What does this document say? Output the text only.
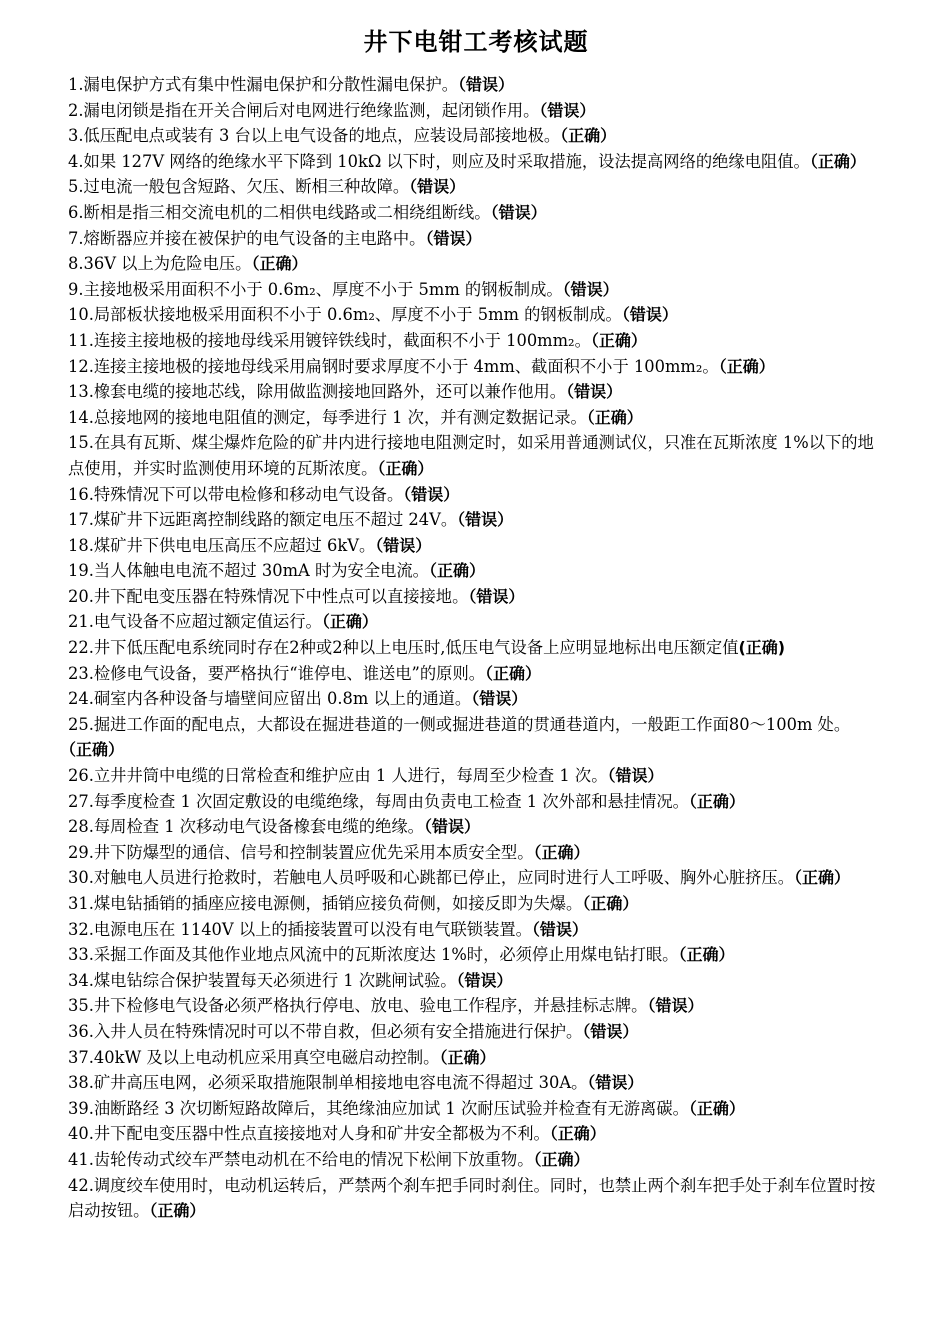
井下电钳工考核试题

1.漏电保护方式有集中性漏电保护和分散性漏电保护。（错误）

2.漏电闭锁是指在开关合闸后对电网进行绝缘监测，起闭锁作用。（错误）

3.低压配电点或装有 3 台以上电气设备的地点，应装设局部接地极。（正确）

4.如果 127V 网络的绝缘水平下降到 10kΩ 以下时，则应及时采取措施，设法提高网络的绝缘电阻值。（正确）

5.过电流一般包含短路、欠压、断相三种故障。（错误）

6.断相是指三相交流电机的二相供电线路或二相绕组断线。（错误）

7.熔断器应并接在被保护的电气设备的主电路中。（错误）

8.36V 以上为危险电压。（正确）

9.主接地极采用面积不小于 0.6m₂、厚度不小于 5mm 的钢板制成。（错误）

10.局部板状接地极采用面积不小于 0.6m₂、厚度不小于 5mm 的钢板制成。（错误）

11.连接主接地极的接地母线采用镀锌铁线时，截面积不小于 100mm₂。（正确）

12.连接主接地极的接地母线采用扁钢时要求厚度不小于 4mm、截面积不小于 100mm₂。（正确）

13.橡套电缆的接地芯线，除用做监测接地回路外，还可以兼作他用。（错误）

14.总接地网的接地电阻值的测定，每季进行 1 次，并有测定数据记录。（正确）

15.在具有瓦斯、煤尘爆炸危险的矿井内进行接地电阻测定时，如采用普通测试仪，只准在瓦斯浓度 1%以下的地点使用，并实时监测使用环境的瓦斯浓度。（正确）

16.特殊情况下可以带电检修和移动电气设备。（错误）

17.煤矿井下远距离控制线路的额定电压不超过 24V。（错误）

18.煤矿井下供电电压高压不应超过 6kV。（错误）

19.当人体触电电流不超过 30mA 时为安全电流。（正确）

20.井下配电变压器在特殊情况下中性点可以直接接地。（错误）

21.电气设备不应超过额定值运行。（正确）

22.井下低压配电系统同时存在2种或2种以上电压时,低压电气设备上应明显地标出电压额定值(正确)

23.检修电气设备，要严格执行“谁停电、谁送电”的原则。（正确）

24.硐室内各种设备与墙壁间应留出 0.8m 以上的通道。（错误）

25.掘进工作面的配电点，大都设在掘进巷道的一侧或掘进巷道的贯通巷道内，一般距工作面80～100m 处。（正确）

26.立井井筒中电缆的日常检查和维护应由 1 人进行，每周至少检查 1 次。（错误）

27.每季度检查 1 次固定敷设的电缆绝缘，每周由负责电工检查 1 次外部和悬挂情况。（正确）

28.每周检查 1 次移动电气设备橡套电缆的绝缘。（错误）

29.井下防爆型的通信、信号和控制装置应优先采用本质安全型。（正确）

30.对触电人员进行抢救时，若触电人员呼吸和心跳都已停止，应同时进行人工呼吸、胸外心脏挤压。（正确）

31.煤电钻插销的插座应接电源侧，插销应接负荷侧，如接反即为失爆。（正确）

32.电源电压在 1140V 以上的插接装置可以没有电气联锁装置。（错误）

33.采掘工作面及其他作业地点风流中的瓦斯浓度达 1%时，必须停止用煤电钻打眼。（正确）

34.煤电钻综合保护装置每天必须进行 1 次跳闸试验。（错误）

35.井下检修电气设备必须严格执行停电、放电、验电工作程序，并悬挂标志牌。（错误）

36.入井人员在特殊情况时可以不带自救，但必须有安全措施进行保护。（错误）

37.40kW 及以上电动机应采用真空电磁启动控制。（正确）

38.矿井高压电网，必须采取措施限制单相接地电容电流不得超过 30A。（错误）

39.油断路经 3 次切断短路故障后，其绝缘油应加试 1 次耐压试验并检查有无游离碳。（正确）

40.井下配电变压器中性点直接接地对人身和矿井安全都极为不利。（正确）

41.齿轮传动式绞车严禁电动机在不给电的情况下松闸下放重物。（正确）

42.调度绞车使用时，电动机运转后，严禁两个刹车把手同时刹住。同时，也禁止两个刹车把手处于刹车位置时按启动按钮。（正确）
